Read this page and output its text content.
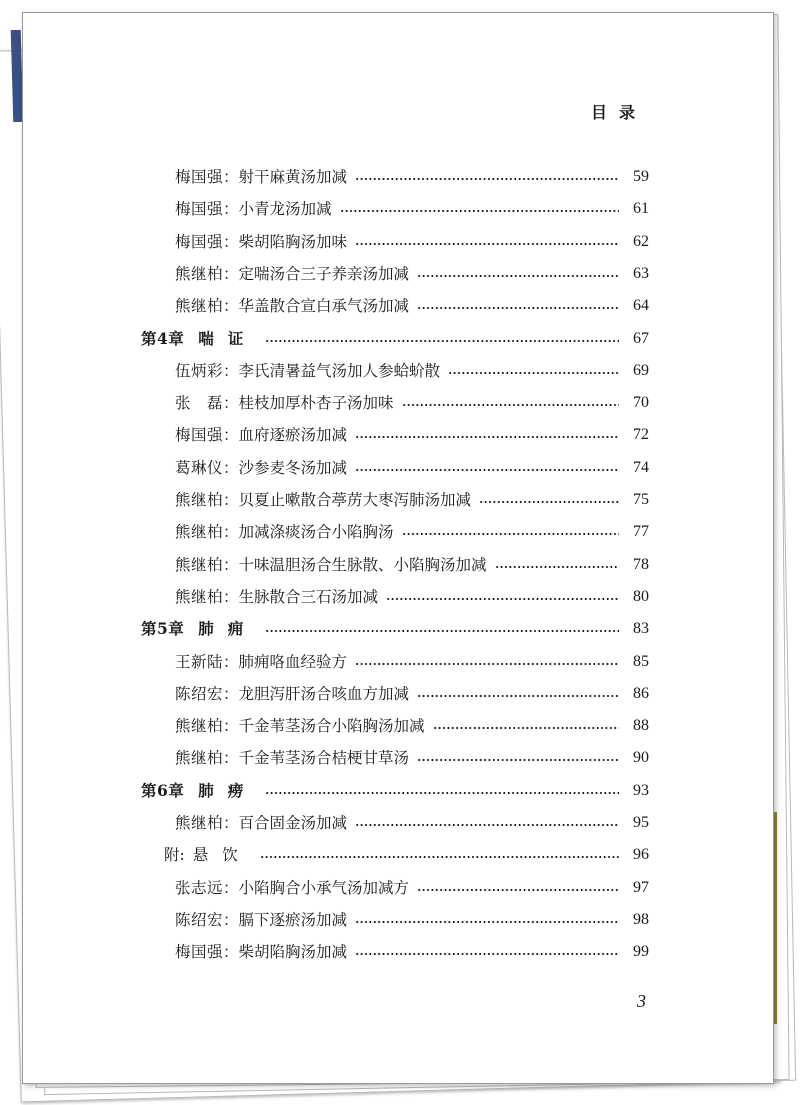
目录
梅国强：射干麻黄汤加减	59
梅国强：小青龙汤加减	61
梅国强：柴胡陷胸汤加味	62
熊继柏：定喘汤合三子养亲汤加减	63
熊继柏：华盖散合宣白承气汤加减	64
第4章 喘证	67
伍炳彩：李氏清暑益气汤加人参蛤蚧散	69
张　磊：桂枝加厚朴杏子汤加味	70
梅国强：血府逐瘀汤加减	72
葛琳仪：沙参麦冬汤加减	74
熊继柏：贝夏止嗽散合葶苈大枣泻肺汤加减	75
熊继柏：加减涤痰汤合小陷胸汤	77
熊继柏：十味温胆汤合生脉散、小陷胸汤加减	78
熊继柏：生脉散合三石汤加减	80
第5章 肺痈	83
王新陆：肺痈咯血经验方	85
陈绍宏：龙胆泻肝汤合咳血方加减	86
熊继柏：千金苇茎汤合小陷胸汤加减	88
熊继柏：千金苇茎汤合桔梗甘草汤	90
第6章 肺痨	93
熊继柏：百合固金汤加减	95
附: 悬饮	96
张志远：小陷胸合小承气汤加减方	97
陈绍宏：膈下逐瘀汤加减	98
梅国强：柴胡陷胸汤加减	99
3
